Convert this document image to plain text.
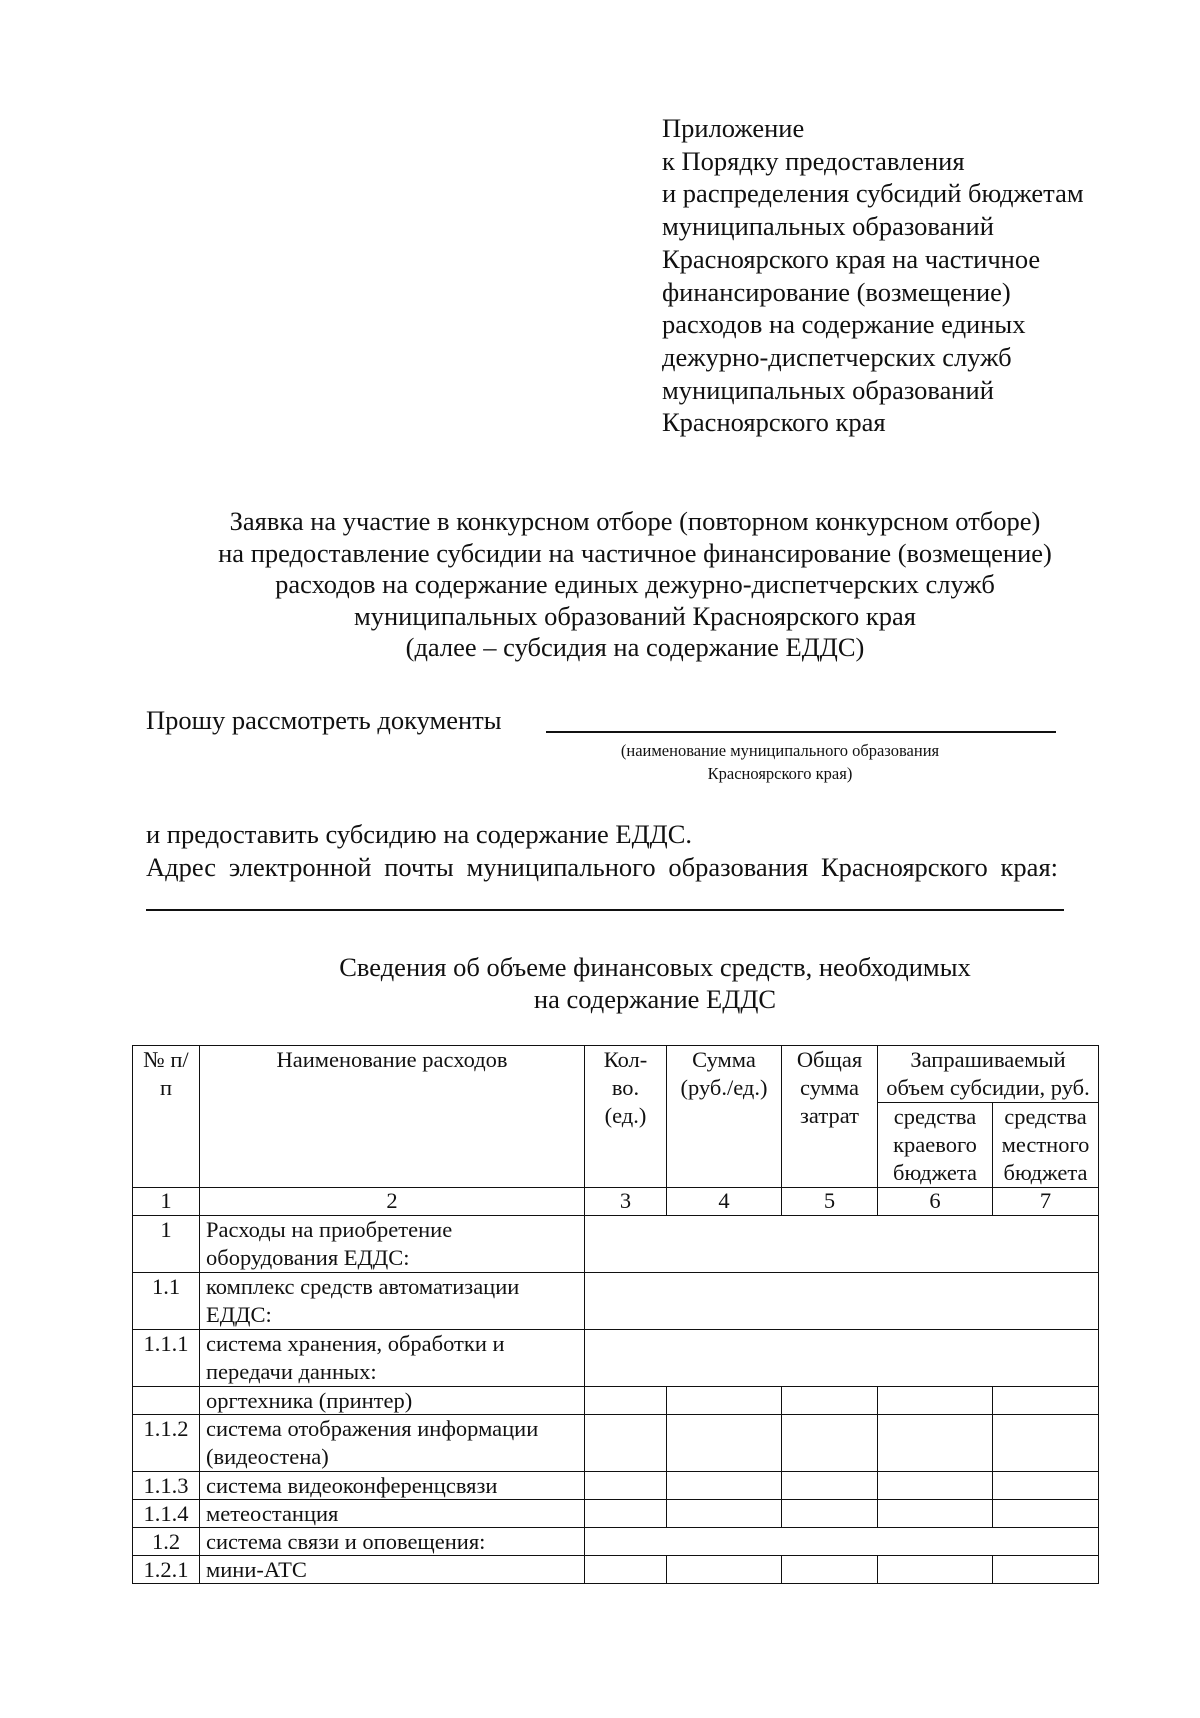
Приложение
к Порядку предоставления
и распределения субсидий бюджетам
муниципальных образований
Красноярского края на частичное
финансирование (возмещение)
расходов на содержание единых
дежурно-диспетчерских служб
муниципальных образований
Красноярского края
Заявка на участие в конкурсном отборе (повторном конкурсном отборе)
на предоставление субсидии на частичное финансирование (возмещение)
расходов на содержание единых дежурно-диспетчерских служб
муниципальных образований Красноярского края
(далее – субсидия на содержание ЕДДС)
Прошу рассмотреть документы
(наименование муниципального образования
Красноярского края)
и предоставить субсидию на содержание ЕДДС.
Адрес электронной почты муниципального образования Красноярского края:
Сведения об объеме финансовых средств, необходимых
на содержание ЕДДС
№ п/п	Наименование расходов	Кол-во. (ед.)	Сумма (руб./ед.)	Общая сумма затрат	Запрашиваемый объем субсидии, руб.	
					средства краевого бюджета	средства местного бюджета
1	2	3	4	5	6	7
1	Расходы на приобретение оборудования ЕДДС:					
1.1	комплекс средств автоматизации ЕДДС:					
1.1.1	система хранения, обработки и передачи данных:					
	оргтехника (принтер)					
1.1.2	система отображения информации (видеостена)					
1.1.3	система видеоконференцсвязи					
1.1.4	метеостанция					
1.2	система связи и оповещения:					
1.2.1	мини-АТС					
